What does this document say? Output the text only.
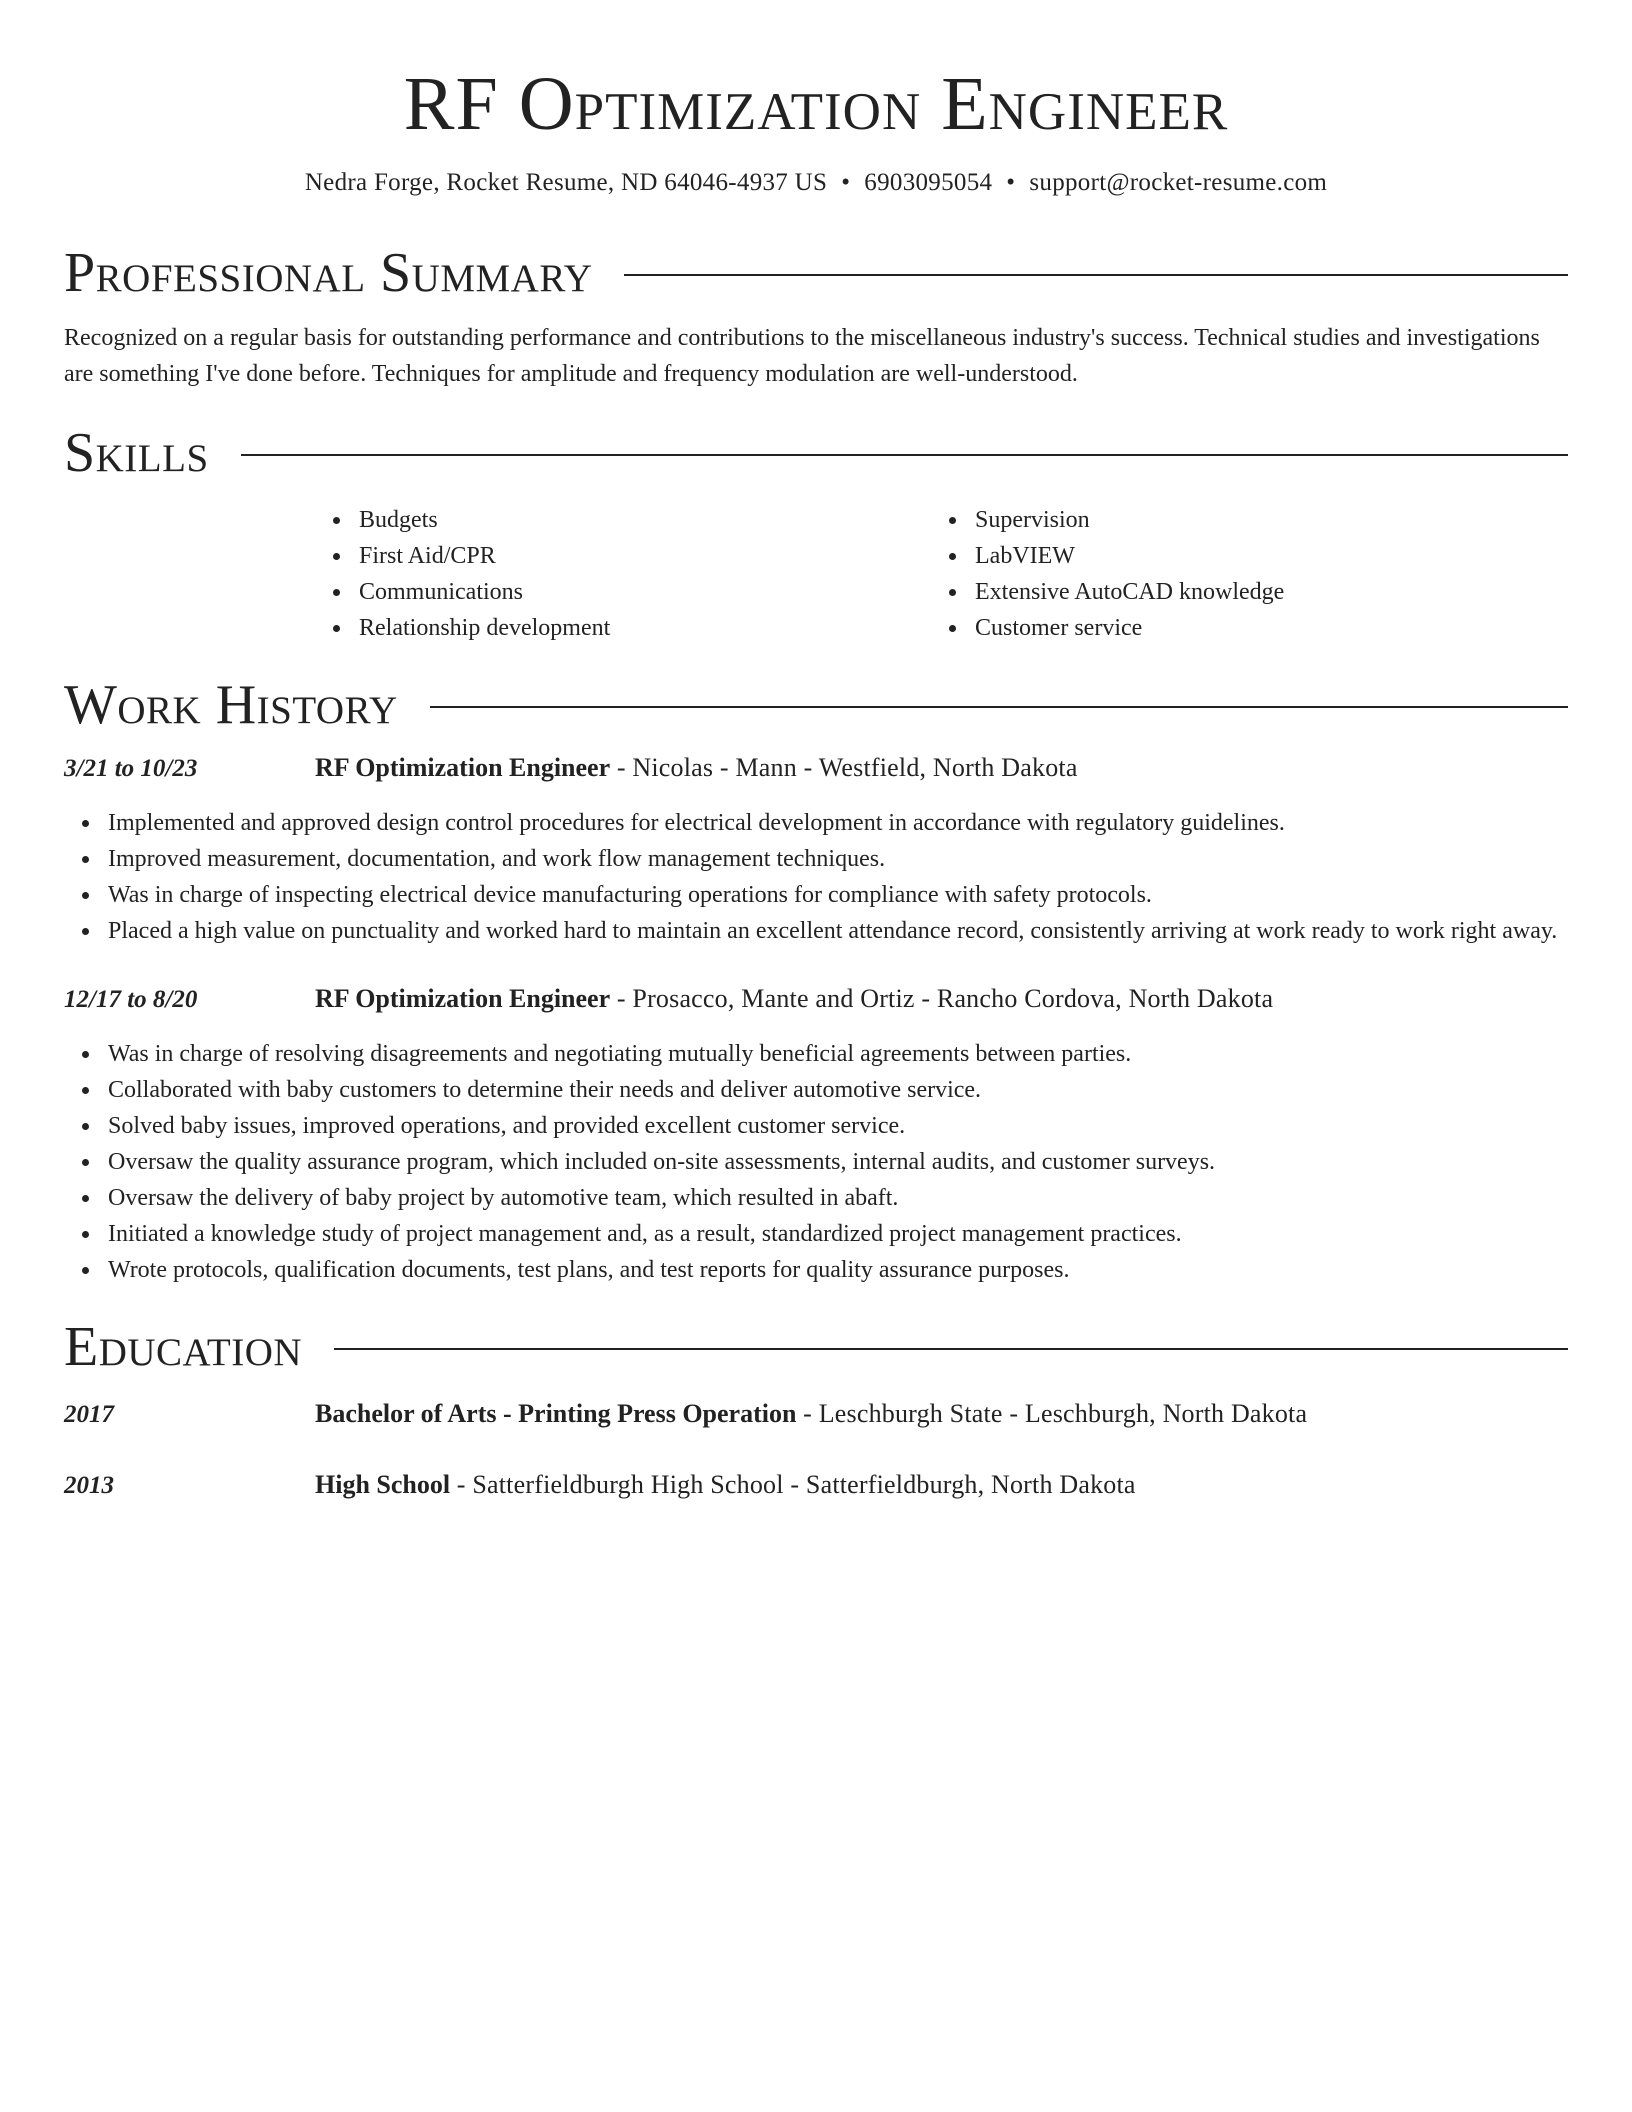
RF Optimization Engineer
Nedra Forge, Rocket Resume, ND 64046-4937 US • 6903095054 • support@rocket-resume.com
Professional Summary

Recognized on a regular basis for outstanding performance and contributions to the miscellaneous industry's success. Technical studies and investigations are something I've done before. Techniques for amplitude and frequency modulation are well-understood.

Skills
Budgets
First Aid/CPR
Communications
Relationship development
Supervision
LabVIEW
Extensive AutoCAD knowledge
Customer service
Work History
3/21 to 10/23	RF Optimization Engineer - Nicolas - Mann - Westfield, North Dakota
Implemented and approved design control procedures for electrical development in accordance with regulatory guidelines.
Improved measurement, documentation, and work flow management techniques.
Was in charge of inspecting electrical device manufacturing operations for compliance with safety protocols.
Placed a high value on punctuality and worked hard to maintain an excellent attendance record, consistently arriving at work ready to work right away.
12/17 to 8/20	RF Optimization Engineer - Prosacco, Mante and Ortiz - Rancho Cordova, North Dakota
Was in charge of resolving disagreements and negotiating mutually beneficial agreements between parties.
Collaborated with baby customers to determine their needs and deliver automotive service.
Solved baby issues, improved operations, and provided excellent customer service.
Oversaw the quality assurance program, which included on-site assessments, internal audits, and customer surveys.
Oversaw the delivery of baby project by automotive team, which resulted in abaft.
Initiated a knowledge study of project management and, as a result, standardized project management practices.
Wrote protocols, qualification documents, test plans, and test reports for quality assurance purposes.
Education
2017	Bachelor of Arts - Printing Press Operation - Leschburgh State - Leschburgh, North Dakota
2013	High School - Satterfieldburgh High School - Satterfieldburgh, North Dakota
